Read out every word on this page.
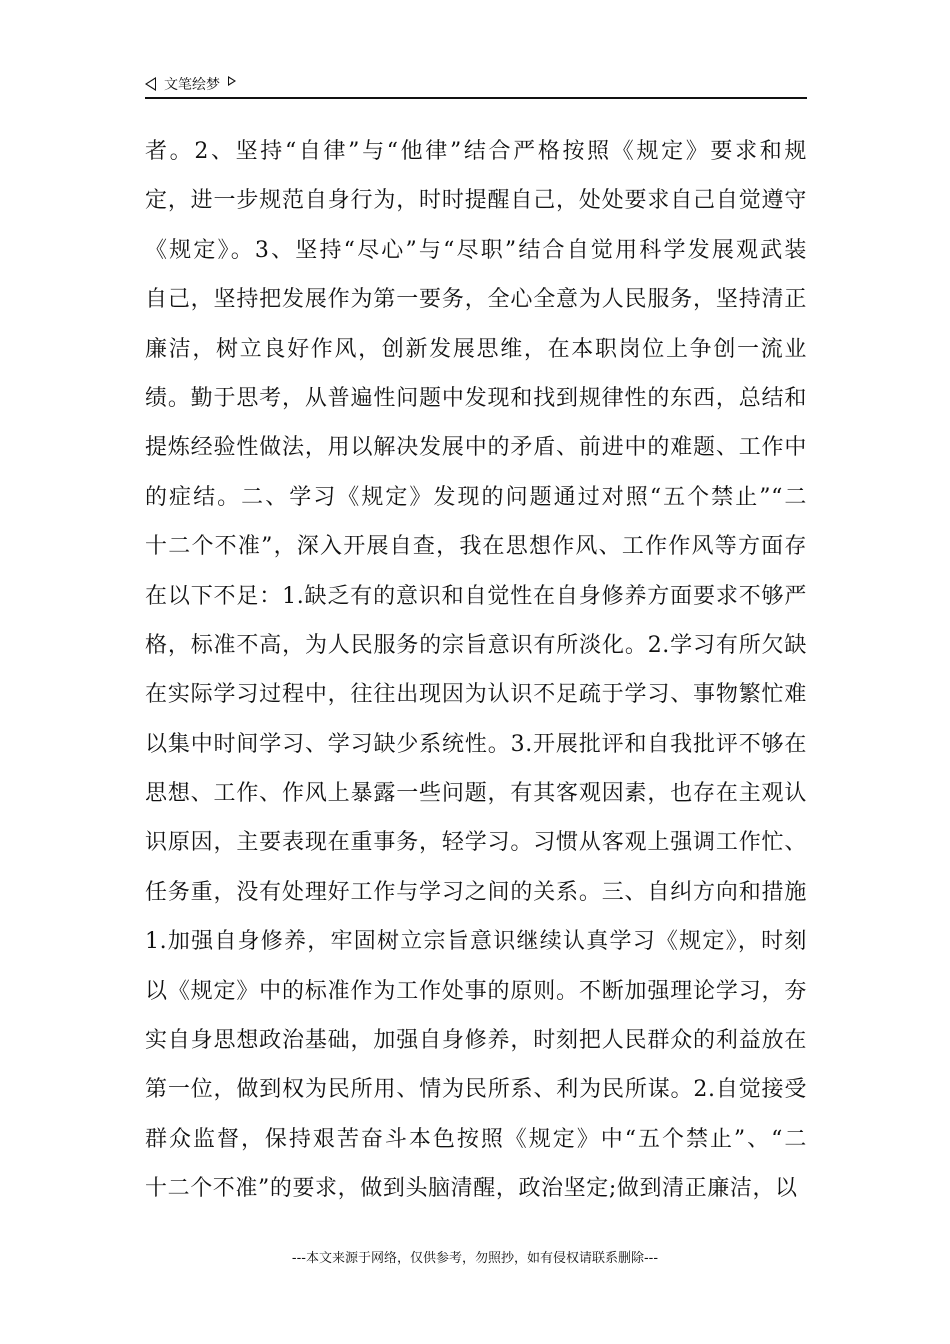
文笔绘梦
者。2、坚持“自律”与“他律”结合严格按照《规定》要求和规
定，进一步规范自身行为，时时提醒自己，处处要求自己自觉遵守
《规定》。3、坚持“尽心”与“尽职”结合自觉用科学发展观武装
自己，坚持把发展作为第一要务，全心全意为人民服务，坚持清正
廉洁，树立良好作风，创新发展思维，在本职岗位上争创一流业
绩。勤于思考，从普遍性问题中发现和找到规律性的东西，总结和
提炼经验性做法，用以解决发展中的矛盾、前进中的难题、工作中
的症结。二、学习《规定》发现的问题通过对照“五个禁止”“二
十二个不准”，深入开展自查，我在思想作风、工作作风等方面存
在以下不足：1.缺乏有的意识和自觉性在自身修养方面要求不够严
格，标准不高，为人民服务的宗旨意识有所淡化。2.学习有所欠缺
在实际学习过程中，往往出现因为认识不足疏于学习、事物繁忙难
以集中时间学习、学习缺少系统性。3.开展批评和自我批评不够在
思想、工作、作风上暴露一些问题，有其客观因素，也存在主观认
识原因，主要表现在重事务，轻学习。习惯从客观上强调工作忙、
任务重，没有处理好工作与学习之间的关系。三、自纠方向和措施
1.加强自身修养，牢固树立宗旨意识继续认真学习《规定》，时刻
以《规定》中的标准作为工作处事的原则。不断加强理论学习，夯
实自身思想政治基础，加强自身修养，时刻把人民群众的利益放在
第一位，做到权为民所用、情为民所系、利为民所谋。2.自觉接受
群众监督，保持艰苦奋斗本色按照《规定》中“五个禁止”、“二
十二个不准”的要求，做到头脑清醒，政治坚定;做到清正廉洁，以
---本文来源于网络，仅供参考，勿照抄，如有侵权请联系删除---
